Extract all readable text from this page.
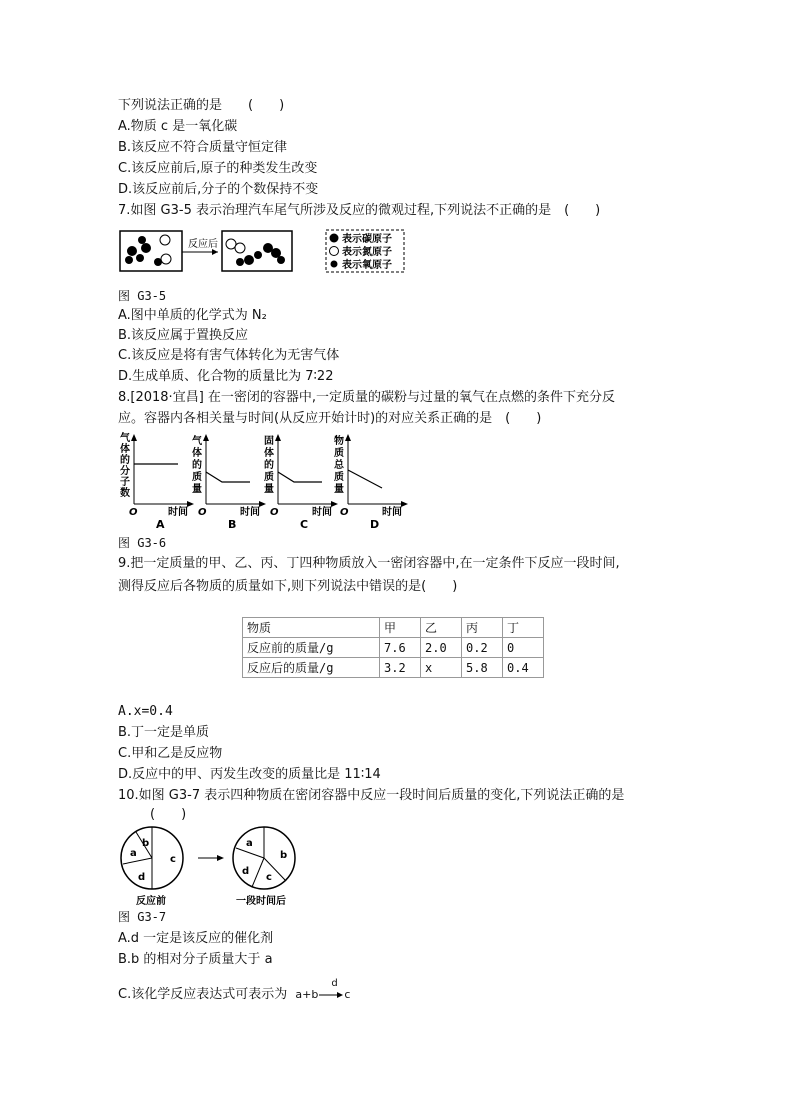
下列说法正确的是　　(　　)
A.物质 c 是一氧化碳
B.该反应不符合质量守恒定律
C.该反应前后,原子的种类发生改变
D.该反应前后,分子的个数保持不变
7.如图 G3-5 表示治理汽车尾气所涉及反应的微观过程,下列说法不正确的是　(　　)
反应后	表示碳原子
表示氮原子
表示氧原子
图 G3-5
A.图中单质的化学式为 N₂
B.该反应属于置换反应
C.该反应是将有害气体转化为无害气体
D.生成单质、化合物的质量比为 7∶22
8.[2018·宜昌] 在一密闭的容器中,一定质量的碳粉与过量的氧气在点燃的条件下充分反
应。容器内各相关量与时间(从反应开始计时)的对应关系正确的是　(　　)
气
体
的
分
子
数
O	时间
A
气
体
的
质
量
O	时间
B
固
体
的
质
量
O	时间
C
物
质
总
质
量
O	时间
D
图 G3-6
9.把一定质量的甲、乙、丙、丁四种物质放入一密闭容器中,在一定条件下反应一段时间,
测得反应后各物质的质量如下,则下列说法中错误的是(　　)
物质	甲	乙	丙	丁
反应前的质量/g	7.6	2.0	0.2	0
反应后的质量/g	3.2	x	5.8	0.4
A.x=0.4
B.丁一定是单质
C.甲和乙是反应物
D.反应中的甲、丙发生改变的质量比是 11∶14
10.如图 G3-7 表示四种物质在密闭容器中反应一段时间后质量的变化,下列说法正确的是
(　　)
a
b
c
d
反应前
a
b
c
d
一段时间后
图 G3-7
A.d 一定是该反应的催化剂
B.b 的相对分子质量大于 a
C.该化学反应表达式可表示为 a+b→
d
c
